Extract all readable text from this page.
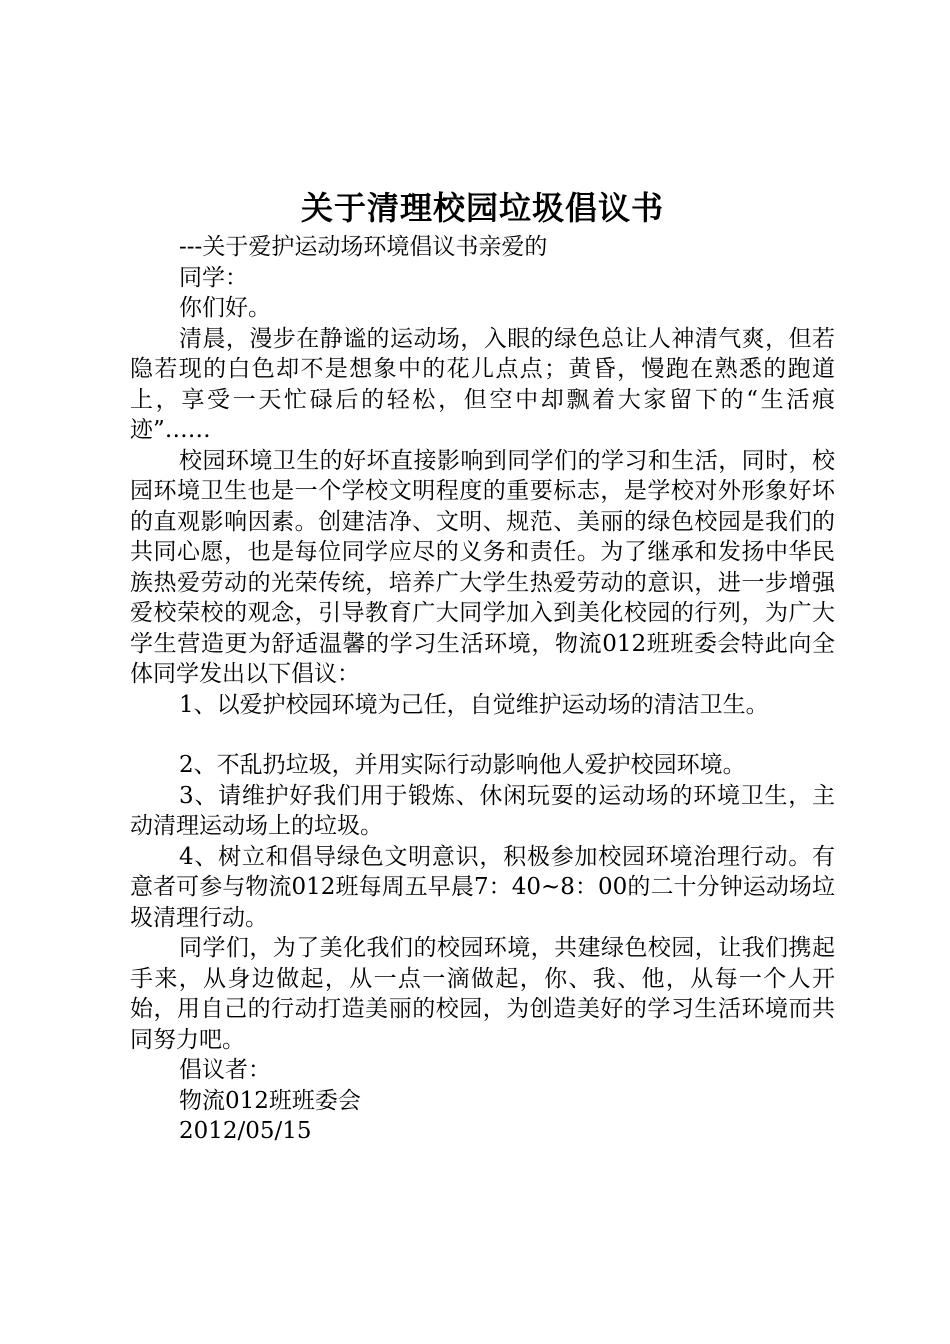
关于清理校园垃圾倡议书

---关于爱护运动场环境倡议书亲爱的

同学：

你们好。

清晨，漫步在静谧的运动场，入眼的绿色总让人神清气爽，但若隐若现的白色却不是想象中的花儿点点；黄昏，慢跑在熟悉的跑道上，享受一天忙碌后的轻松，但空中却飘着大家留下的“生活痕迹”……

校园环境卫生的好坏直接影响到同学们的学习和生活，同时，校园环境卫生也是一个学校文明程度的重要标志，是学校对外形象好坏的直观影响因素。创建洁净、文明、规范、美丽的绿色校园是我们的共同心愿，也是每位同学应尽的义务和责任。为了继承和发扬中华民族热爱劳动的光荣传统，培养广大学生热爱劳动的意识，进一步增强爱校荣校的观念，引导教育广大同学加入到美化校园的行列，为广大学生营造更为舒适温馨的学习生活环境，物流012班班委会特此向全体同学发出以下倡议：

1、以爱护校园环境为己任，自觉维护运动场的清洁卫生。

2、不乱扔垃圾，并用实际行动影响他人爱护校园环境。

3、请维护好我们用于锻炼、休闲玩耍的运动场的环境卫生，主动清理运动场上的垃圾。

4、树立和倡导绿色文明意识，积极参加校园环境治理行动。有意者可参与物流012班每周五早晨7：40~8：00的二十分钟运动场垃圾清理行动。

同学们，为了美化我们的校园环境，共建绿色校园，让我们携起手来，从身边做起，从一点一滴做起，你、我、他，从每一个人开始，用自己的行动打造美丽的校园，为创造美好的学习生活环境而共同努力吧。

倡议者：

物流012班班委会

2012/05/15
